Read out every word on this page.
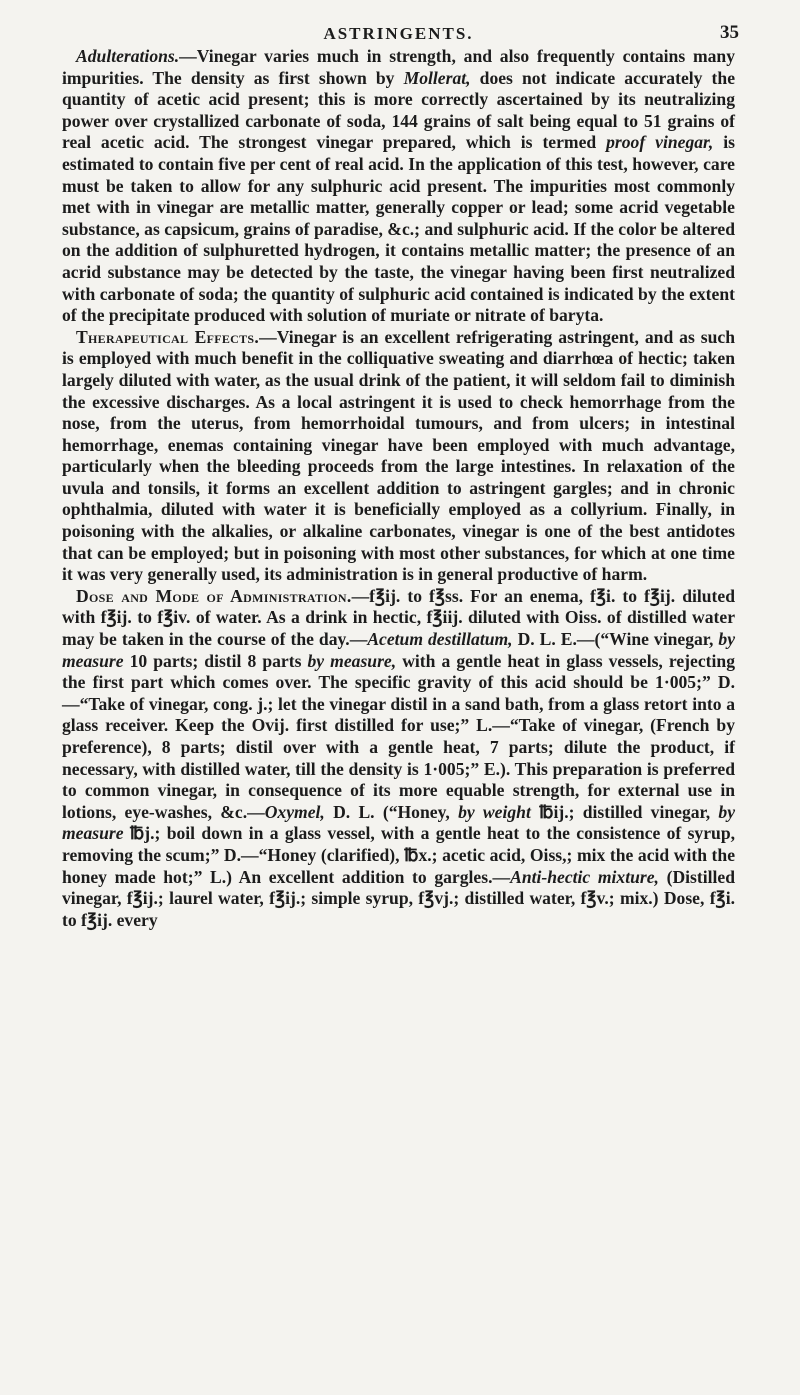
ASTRINGENTS.	35

Adulterations.—Vinegar varies much in strength, and also frequently contains many impurities. The density as first shown by Mollerat, does not indicate accurately the quantity of acetic acid present; this is more correctly ascertained by its neutralizing power over crystallized carbonate of soda, 144 grains of salt being equal to 51 grains of real acetic acid. The strongest vinegar prepared, which is termed proof vinegar, is estimated to contain five per cent of real acid. In the application of this test, however, care must be taken to allow for any sulphuric acid present. The impurities most commonly met with in vinegar are metallic matter, generally copper or lead; some acrid vegetable substance, as capsicum, grains of paradise, &c.; and sulphuric acid. If the color be altered on the addition of sulphuretted hydrogen, it contains metallic matter; the presence of an acrid substance may be detected by the taste, the vinegar having been first neutralized with carbonate of soda; the quantity of sulphuric acid contained is indicated by the extent of the precipitate produced with solution of muriate or nitrate of baryta.

Therapeutical Effects.—Vinegar is an excellent refrigerating astringent, and as such is employed with much benefit in the colliquative sweating and diarrhœa of hectic; taken largely diluted with water, as the usual drink of the patient, it will seldom fail to diminish the excessive discharges. As a local astringent it is used to check hemorrhage from the nose, from the uterus, from hemorrhoidal tumours, and from ulcers; in intestinal hemorrhage, enemas containing vinegar have been employed with much advantage, particularly when the bleeding proceeds from the large intestines. In relaxation of the uvula and tonsils, it forms an excellent addition to astringent gargles; and in chronic ophthalmia, diluted with water it is beneficially employed as a collyrium. Finally, in poisoning with the alkalies, or alkaline carbonates, vinegar is one of the best antidotes that can be employed; but in poisoning with most other substances, for which at one time it was very generally used, its administration is in general productive of harm.

Dose and Mode of Administration.—f℥ij. to f℥ss. For an enema, f℥i. to f℥ij. diluted with f℥ij. to f℥iv. of water. As a drink in hectic, f℥iij. diluted with Oiss. of distilled water may be taken in the course of the day.—Acetum destillatum, D. L. E.—(“Wine vinegar, by measure 10 parts; distil 8 parts by measure, with a gentle heat in glass vessels, rejecting the first part which comes over. The specific gravity of this acid should be 1·005;” D.—“Take of vinegar, cong. j.; let the vinegar distil in a sand bath, from a glass retort into a glass receiver. Keep the Ovij. first distilled for use;” L.—“Take of vinegar, (French by preference), 8 parts; distil over with a gentle heat, 7 parts; dilute the product, if necessary, with distilled water, till the density is 1·005;” E.). This preparation is preferred to common vinegar, in consequence of its more equable strength, for external use in lotions, eye-washes, &c.—Oxymel, D. L. (“Honey, by weight ℔ij.; distilled vinegar, by measure ℔j.; boil down in a glass vessel, with a gentle heat to the consistence of syrup, removing the scum;” D.—“Honey (clarified), ℔x.; acetic acid, Oiss,; mix the acid with the honey made hot;” L.) An excellent addition to gargles.—Anti-hectic mixture, (Distilled vinegar, f℥ij.; laurel water, f℥ij.; simple syrup, f℥vj.; distilled water, f℥v.; mix.) Dose, f℥i. to f℥ij. every
